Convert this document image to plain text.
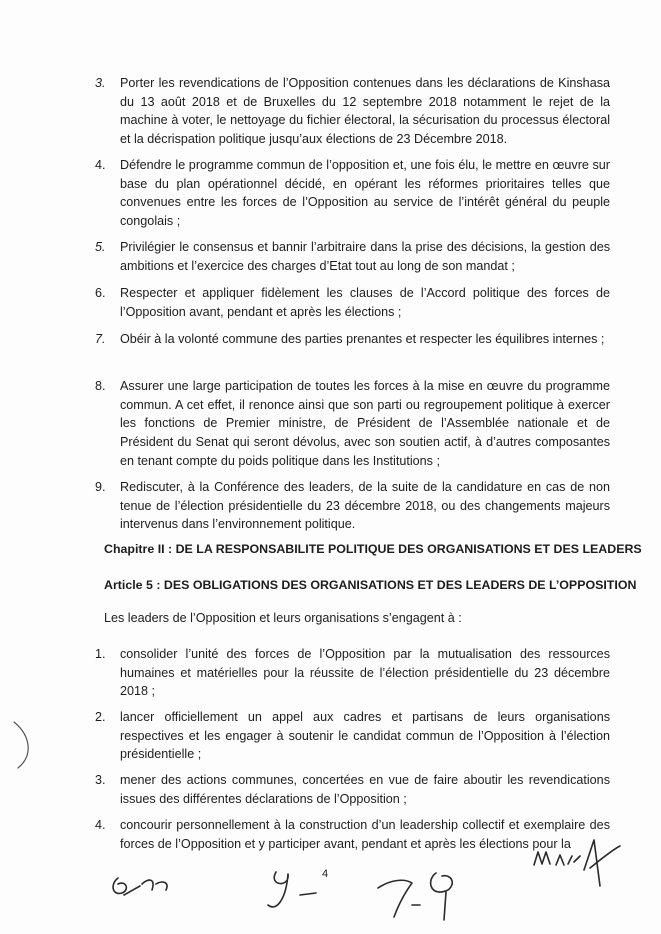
3. Porter les revendications de l’Opposition contenues dans les déclarations de Kinshasa du 13 août 2018 et de Bruxelles du 12 septembre 2018 notamment le rejet de la machine à voter, le nettoyage du fichier électoral, la sécurisation du processus électoral et la décrispation politique jusqu’aux élections de 23 Décembre 2018.
4. Défendre le programme commun de l’opposition et, une fois élu, le mettre en œuvre sur base du plan opérationnel décidé, en opérant les réformes prioritaires telles que convenues entre les forces de l’Opposition au service de l’intérêt général du peuple congolais ;
5. Privilégier le consensus et bannir l’arbitraire dans la prise des décisions, la gestion des ambitions et l’exercice des charges d’Etat tout au long de son mandat ;
6. Respecter et appliquer fidèlement les clauses de l’Accord politique des forces de l’Opposition avant, pendant et après les élections ;
7. Obéir à la volonté commune des parties prenantes et respecter les équilibres internes ;
8. Assurer une large participation de toutes les forces à la mise en œuvre du programme commun. A cet effet, il renonce ainsi que son parti ou regroupement politique à exercer les fonctions de Premier ministre, de Président de l’Assemblée nationale et de Président du Senat qui seront dévolus, avec son soutien actif, à d’autres composantes en tenant compte du poids politique dans les Institutions ;
9. Rediscuter, à la Conférence des leaders, de la suite de la candidature en cas de non tenue de l’élection présidentielle du 23 décembre 2018, ou des changements majeurs intervenus dans l’environnement politique.
Chapitre II : DE LA RESPONSABILITE POLITIQUE DES ORGANISATIONS ET DES LEADERS
Article 5 : DES OBLIGATIONS DES ORGANISATIONS ET DES LEADERS DE L’OPPOSITION
Les leaders de l’Opposition et leurs organisations s’engagent à :
1. consolider l’unité des forces de l’Opposition par la mutualisation des ressources humaines et matérielles pour la réussite de l’élection présidentielle du 23 décembre 2018 ;
2. lancer officiellement un appel aux cadres et partisans de leurs organisations respectives et les engager à soutenir le candidat commun de l’Opposition à l’élection présidentielle ;
3. mener des actions communes, concertées en vue de faire aboutir les revendications issues des différentes déclarations de l’Opposition ;
4. concourir personnellement à la construction d’un leadership collectif et exemplaire des forces de l’Opposition et y participer avant, pendant et après les élections pour la
4
